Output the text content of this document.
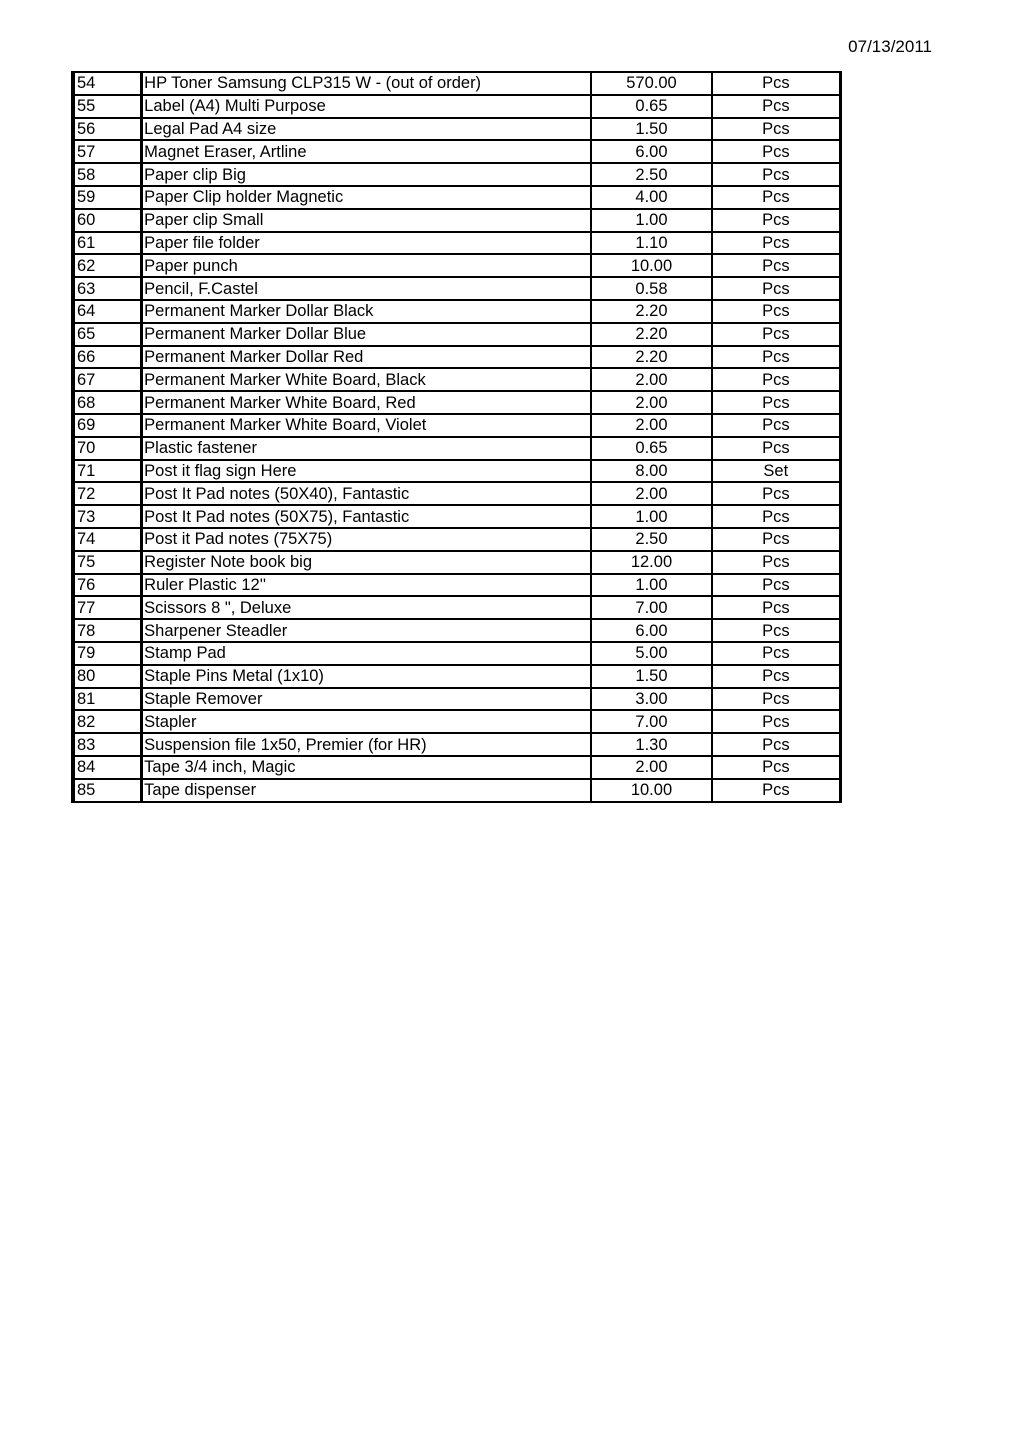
07/13/2011
54	HP Toner Samsung CLP315 W - (out of order)	570.00	Pcs
55	Label (A4) Multi Purpose	0.65	Pcs
56	Legal Pad A4 size	1.50	Pcs
57	Magnet Eraser, Artline	6.00	Pcs
58	Paper clip Big	2.50	Pcs
59	Paper Clip holder Magnetic	4.00	Pcs
60	Paper clip Small	1.00	Pcs
61	Paper file folder	1.10	Pcs
62	Paper punch	10.00	Pcs
63	Pencil, F.Castel	0.58	Pcs
64	Permanent Marker Dollar Black	2.20	Pcs
65	Permanent Marker Dollar Blue	2.20	Pcs
66	Permanent Marker Dollar Red	2.20	Pcs
67	Permanent Marker White Board, Black	2.00	Pcs
68	Permanent Marker White Board, Red	2.00	Pcs
69	Permanent Marker White Board, Violet	2.00	Pcs
70	Plastic fastener	0.65	Pcs
71	Post it flag sign Here	8.00	Set
72	Post It Pad notes (50X40), Fantastic	2.00	Pcs
73	Post It Pad notes (50X75), Fantastic	1.00	Pcs
74	Post it Pad notes (75X75)	2.50	Pcs
75	Register Note book big	12.00	Pcs
76	Ruler Plastic 12''	1.00	Pcs
77	Scissors 8 ", Deluxe	7.00	Pcs
78	Sharpener Steadler	6.00	Pcs
79	Stamp Pad	5.00	Pcs
80	Staple Pins Metal (1x10)	1.50	Pcs
81	Staple Remover	3.00	Pcs
82	Stapler	7.00	Pcs
83	Suspension file 1x50, Premier (for HR)	1.30	Pcs
84	Tape 3/4 inch, Magic	2.00	Pcs
85	Tape dispenser	10.00	Pcs
